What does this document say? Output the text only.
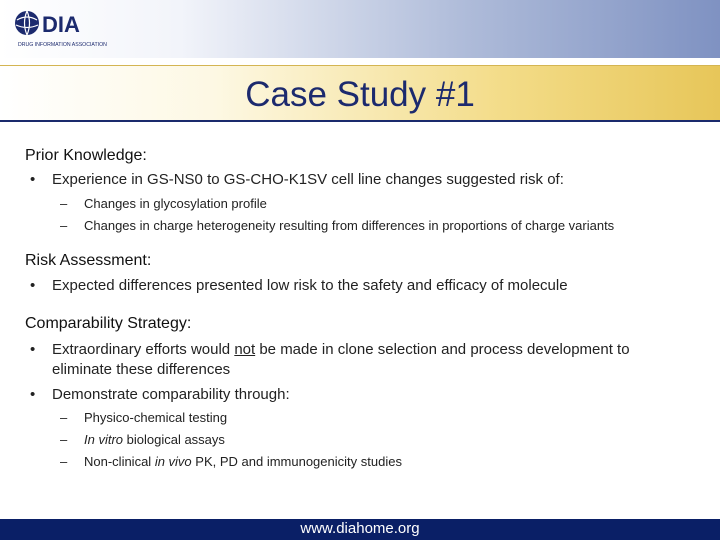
DIA
DRUG INFORMATION ASSOCIATION
Case Study #1
Prior Knowledge:
• Experience in GS-NS0 to GS-CHO-K1SV cell line changes suggested risk of:
– Changes in glycosylation profile
– Changes in charge heterogeneity resulting from differences in proportions of charge variants
Risk Assessment:
• Expected differences presented low risk to the safety and efficacy of molecule
Comparability Strategy:
• Extraordinary efforts would not be made in clone selection and process development to
eliminate these differences
• Demonstrate comparability through:
– Physico-chemical testing
– In vitro biological assays
– Non-clinical in vivo PK, PD and immunogenicity studies
www.diahome.org
